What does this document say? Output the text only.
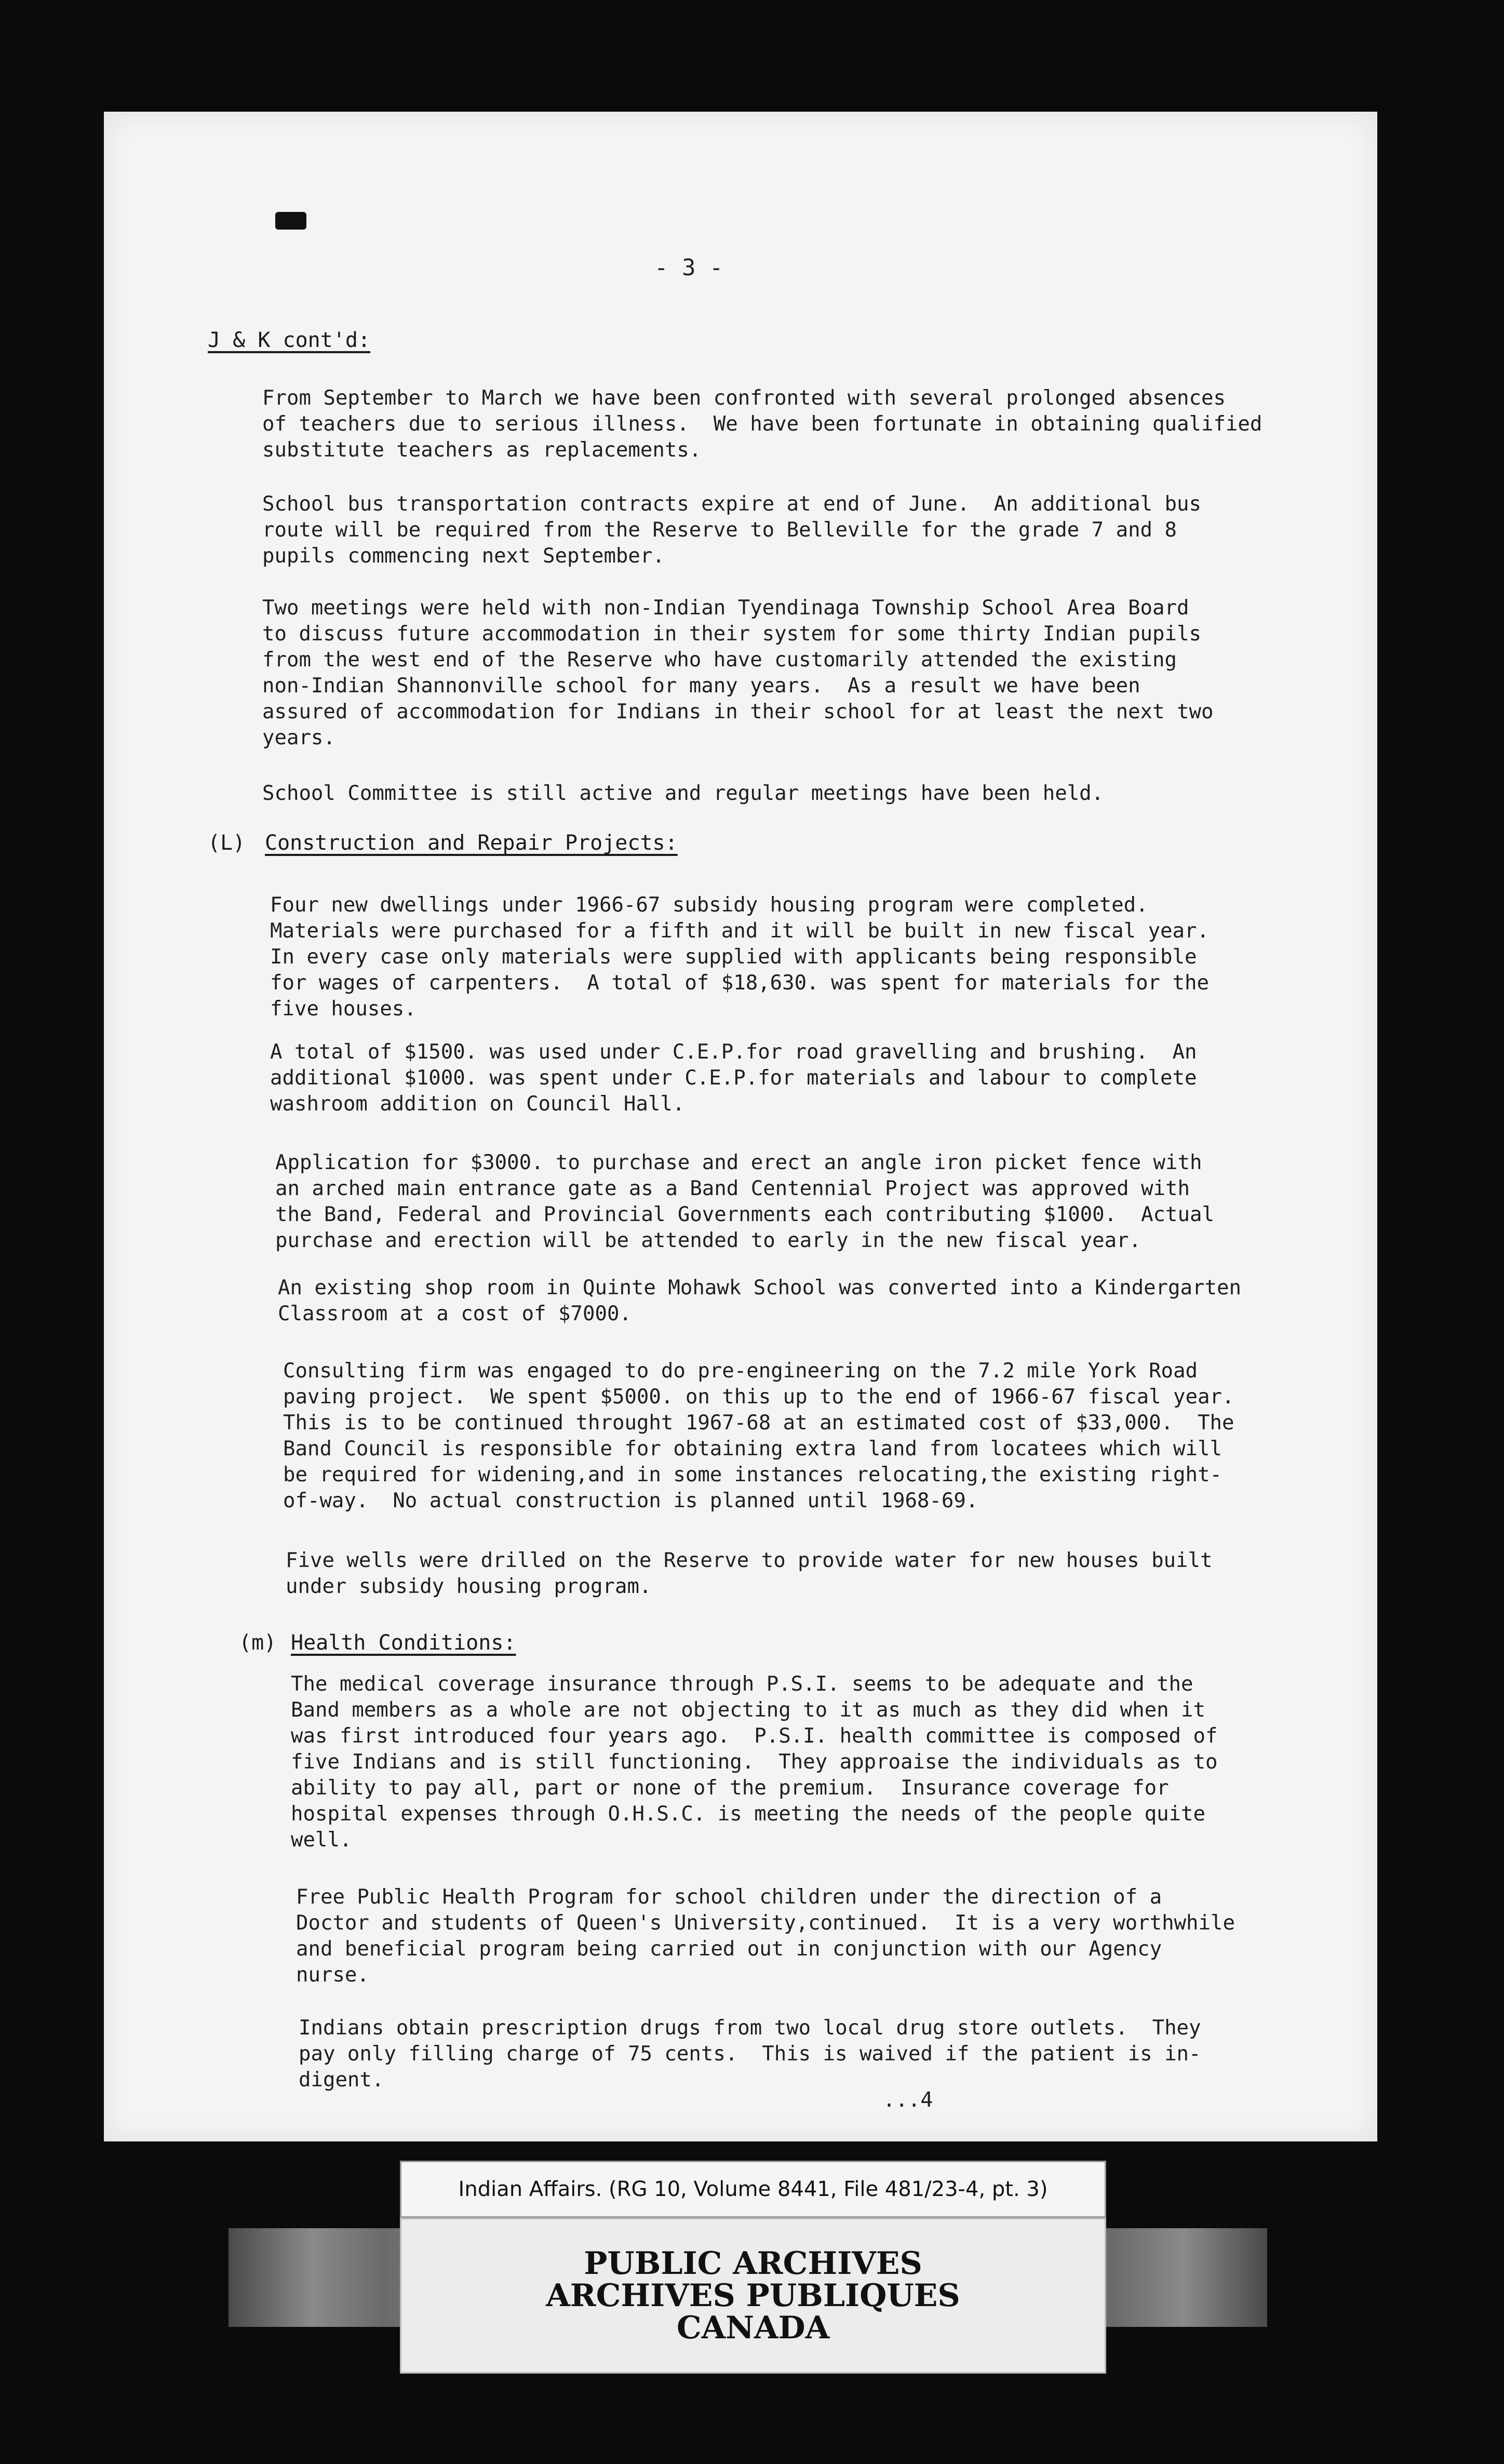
- 3 -
J & K cont'd:
From September to March we have been confronted with several prolonged absences
of teachers due to serious illness.  We have been fortunate in obtaining qualified
substitute teachers as replacements.
School bus transportation contracts expire at end of June.  An additional bus
route will be required from the Reserve to Belleville for the grade 7 and 8
pupils commencing next September.
Two meetings were held with non-Indian Tyendinaga Township School Area Board
to discuss future accommodation in their system for some thirty Indian pupils
from the west end of the Reserve who have customarily attended the existing
non-Indian Shannonville school for many years.  As a result we have been
assured of accommodation for Indians in their school for at least the next two
years.
School Committee is still active and regular meetings have been held.
(L) Construction and Repair Projects:
Four new dwellings under 1966-67 subsidy housing program were completed.
Materials were purchased for a fifth and it will be built in new fiscal year.
In every case only materials were supplied with applicants being responsible
for wages of carpenters.  A total of $18,630. was spent for materials for the
five houses.
A total of $1500. was used under C.E.P.for road gravelling and brushing.  An
additional $1000. was spent under C.E.P.for materials and labour to complete
washroom addition on Council Hall.
Application for $3000. to purchase and erect an angle iron picket fence with
an arched main entrance gate as a Band Centennial Project was approved with
the Band, Federal and Provincial Governments each contributing $1000.  Actual
purchase and erection will be attended to early in the new fiscal year.
An existing shop room in Quinte Mohawk School was converted into a Kindergarten
Classroom at a cost of $7000.
Consulting firm was engaged to do pre-engineering on the 7.2 mile York Road
paving project.  We spent $5000. on this up to the end of 1966-67 fiscal year.
This is to be continued throught 1967-68 at an estimated cost of $33,000.  The
Band Council is responsible for obtaining extra land from locatees which will
be required for widening,and in some instances relocating,the existing right-
of-way.  No actual construction is planned until 1968-69.
Five wells were drilled on the Reserve to provide water for new houses built
under subsidy housing program.
(m) Health Conditions:
The medical coverage insurance through P.S.I. seems to be adequate and the
Band members as a whole are not objecting to it as much as they did when it
was first introduced four years ago.  P.S.I. health committee is composed of
five Indians and is still functioning.  They approaise the individuals as to
ability to pay all, part or none of the premium.  Insurance coverage for
hospital expenses through O.H.S.C. is meeting the needs of the people quite
well.
Free Public Health Program for school children under the direction of a
Doctor and students of Queen's University,continued.  It is a very worthwhile
and beneficial program being carried out in conjunction with our Agency
nurse.
Indians obtain prescription drugs from two local drug store outlets.  They
pay only filling charge of 75 cents.  This is waived if the patient is in-
digent.
...4
Indian Affairs. (RG 10, Volume 8441, File 481/23-4, pt. 3)
PUBLIC ARCHIVES
ARCHIVES PUBLIQUES
CANADA
